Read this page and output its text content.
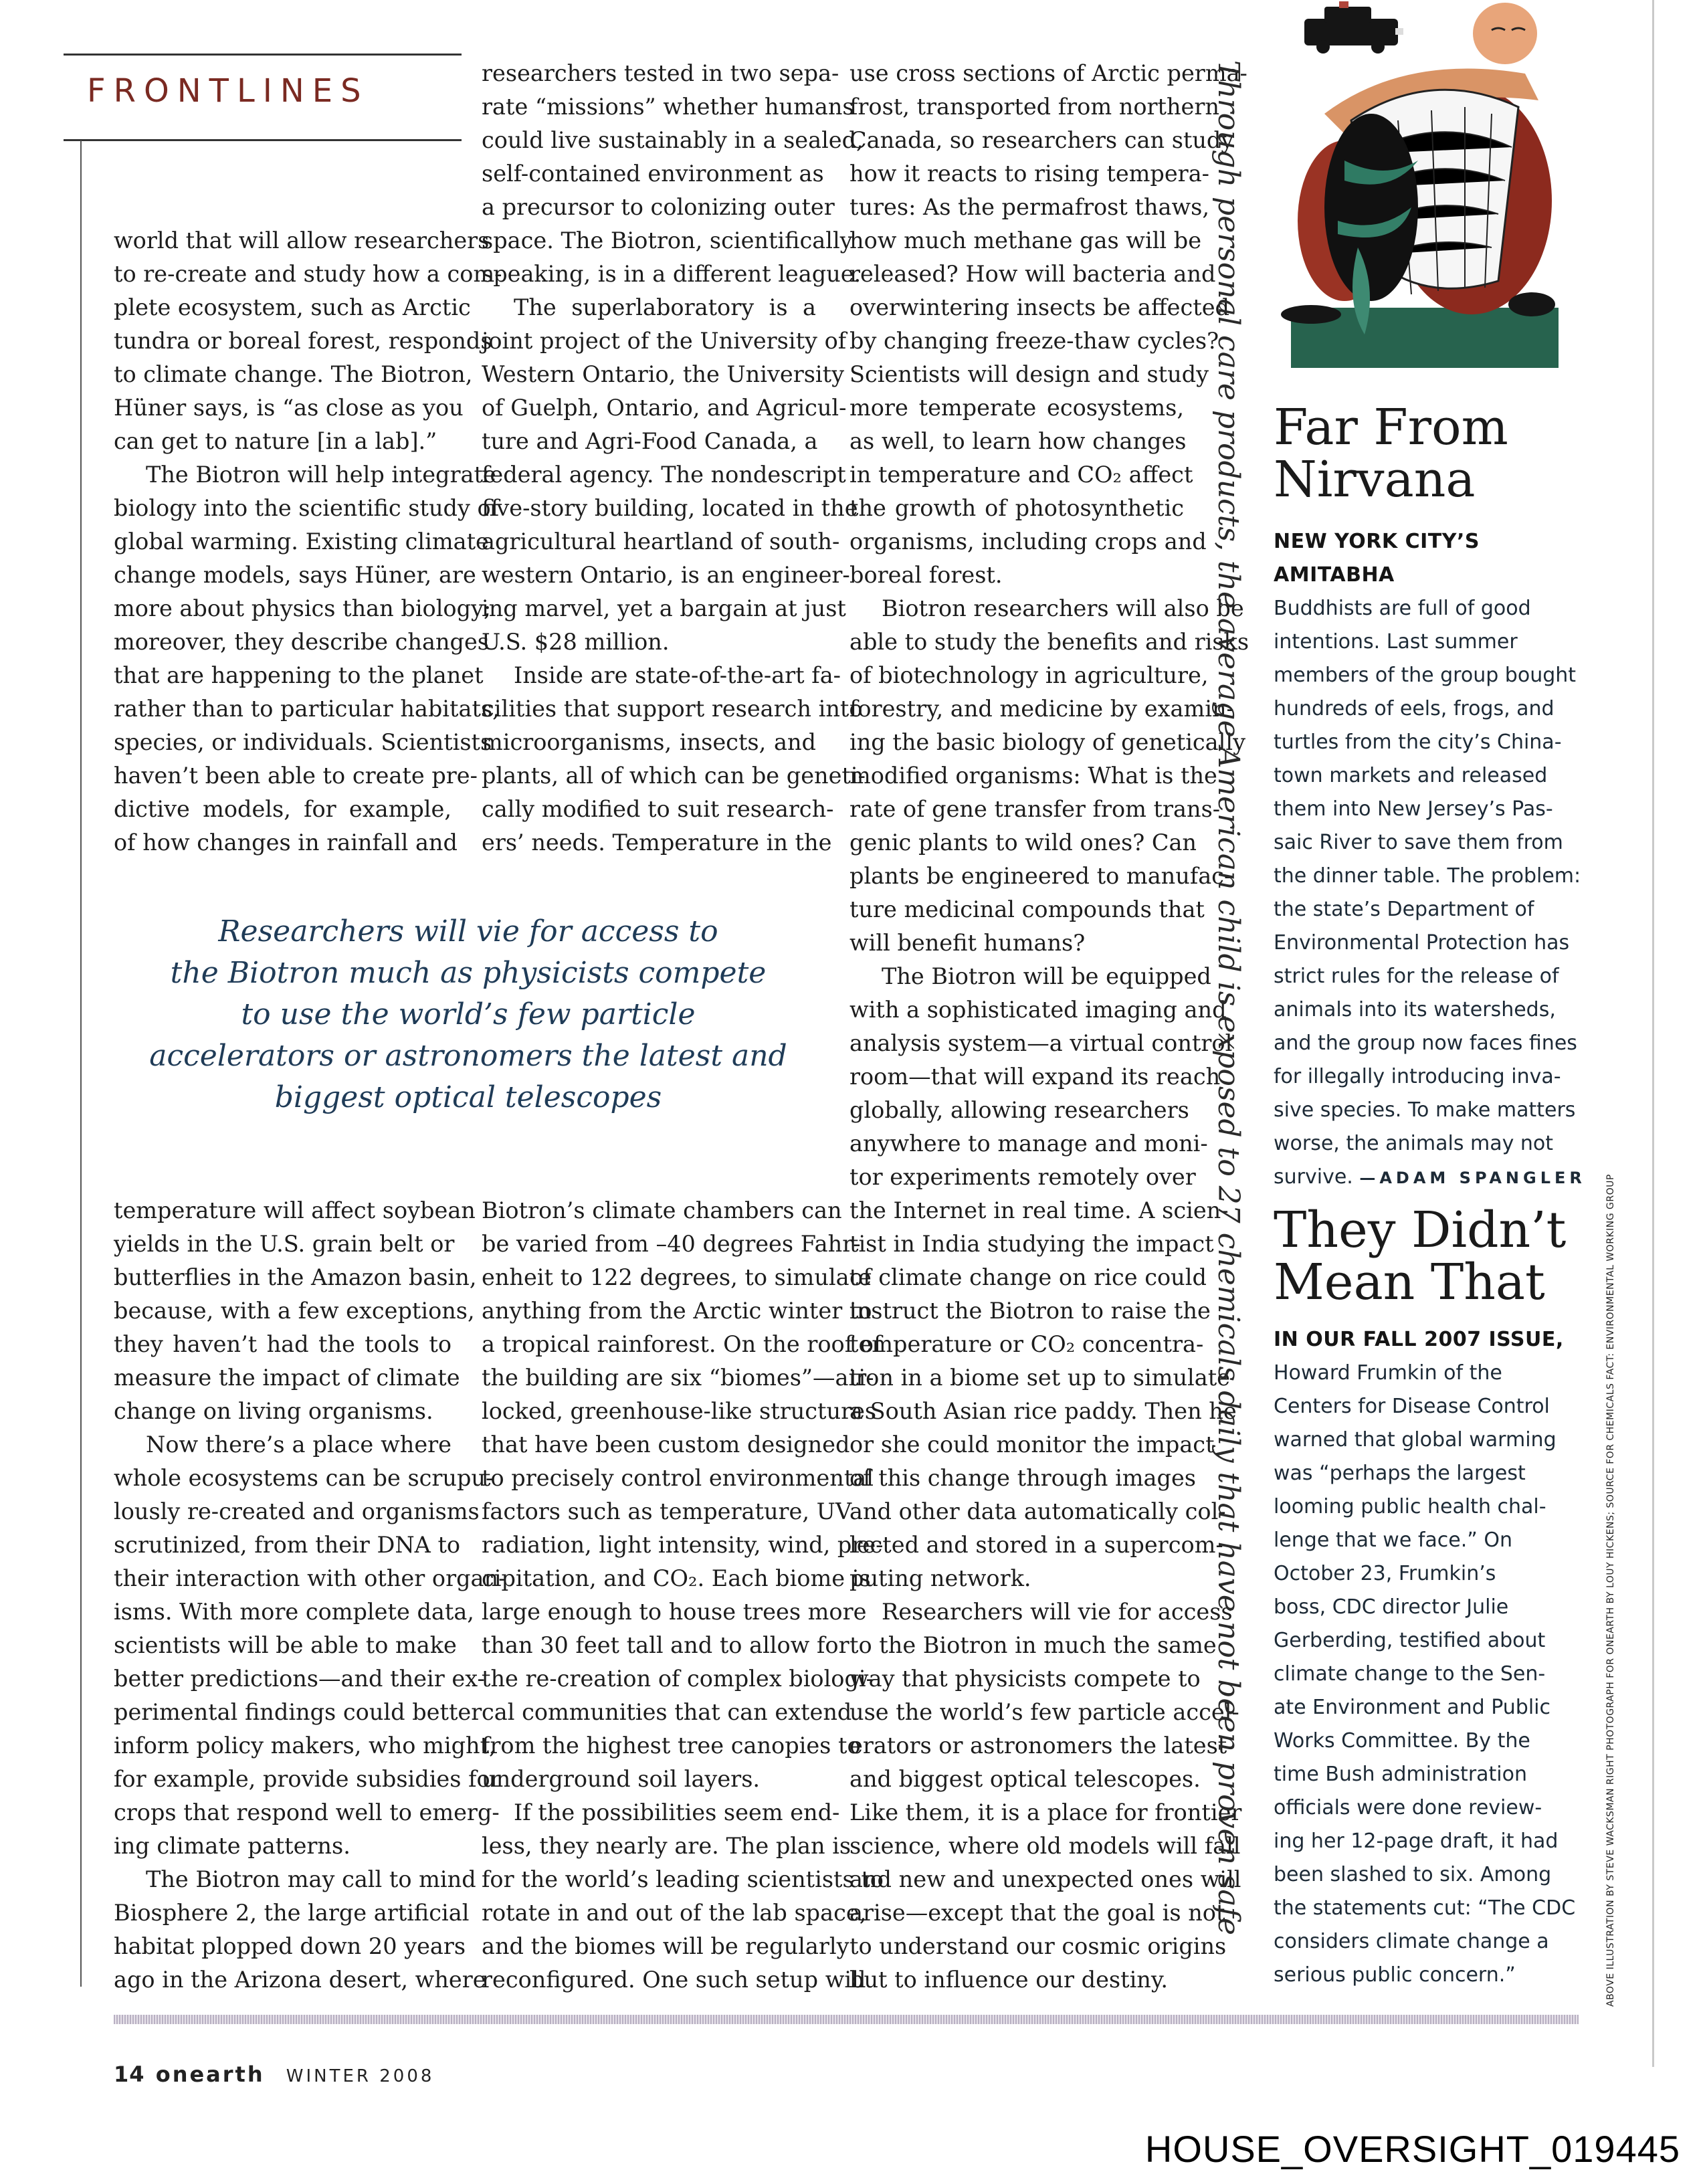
FRONTLINES
world that will allow researchers
to re-create and study how a com-
plete ecosystem, such as Arctic
tundra or boreal forest, responds
to climate change. The Biotron,
Hüner says, is “as close as you
can get to nature [in a lab].”
The Biotron will help integrate
biology into the scientific study of
global warming. Existing climate
change models, says Hüner, are
more about physics than biology;
moreover, they describe changes
that are happening to the planet
rather than to particular habitats,
species, or individuals. Scientists
haven’t been able to create pre-
dictive models, for example,
of how changes in rainfall and
researchers tested in two sepa-
rate “missions” whether humans
could live sustainably in a sealed,
self-contained environment as
a precursor to colonizing outer
space. The Biotron, scientifically
speaking, is in a different league.
The superlaboratory is a
joint project of the University of
Western Ontario, the University
of Guelph, Ontario, and Agricul-
ture and Agri-Food Canada, a
federal agency. The nondescript
five-story building, located in the
agricultural heartland of south-
western Ontario, is an engineer-
ing marvel, yet a bargain at just
U.S. $28 million.
Inside are state-of-the-art fa-
cilities that support research into
microorganisms, insects, and
plants, all of which can be geneti-
cally modified to suit research-
ers’ needs. Temperature in the
Researchers will vie for access to
the Biotron much as physicists compete
to use the world’s few particle
accelerators or astronomers the latest and
biggest optical telescopes
temperature will affect soybean
yields in the U.S. grain belt or
butterflies in the Amazon basin,
because, with a few exceptions,
they haven’t had the tools to
measure the impact of climate
change on living organisms.
Now there’s a place where
whole ecosystems can be scrupu-
lously re-created and organisms
scrutinized, from their DNA to
their interaction with other organ-
isms. With more complete data,
scientists will be able to make
better predictions—and their ex-
perimental findings could better
inform policy makers, who might,
for example, provide subsidies for
crops that respond well to emerg-
ing climate patterns.
The Biotron may call to mind
Biosphere 2, the large artificial
habitat plopped down 20 years
ago in the Arizona desert, where
Biotron’s climate chambers can
be varied from –40 degrees Fahr-
enheit to 122 degrees, to simulate
anything from the Arctic winter to
a tropical rainforest. On the roof of
the building are six “biomes”—air-
locked, greenhouse-like structures
that have been custom designed
to precisely control environmental
factors such as temperature, UV
radiation, light intensity, wind, pre-
cipitation, and CO₂. Each biome is
large enough to house trees more
than 30 feet tall and to allow for
the re-creation of complex biologi-
cal communities that can extend
from the highest tree canopies to
underground soil layers.
If the possibilities seem end-
less, they nearly are. The plan is
for the world’s leading scientists to
rotate in and out of the lab space,
and the biomes will be regularly
reconfigured. One such setup will
use cross sections of Arctic perma-
frost, transported from northern
Canada, so researchers can study
how it reacts to rising tempera-
tures: As the permafrost thaws,
how much methane gas will be
released? How will bacteria and
overwintering insects be affected
by changing freeze-thaw cycles?
Scientists will design and study
more temperate ecosystems,
as well, to learn how changes
in temperature and CO₂ affect
the growth of photosynthetic
organisms, including crops and
boreal forest.
Biotron researchers will also be
able to study the benefits and risks
of biotechnology in agriculture,
forestry, and medicine by examin-
ing the basic biology of genetically
modified organisms: What is the
rate of gene transfer from trans-
genic plants to wild ones? Can
plants be engineered to manufac-
ture medicinal compounds that
will benefit humans?
The Biotron will be equipped
with a sophisticated imaging and
analysis system—a virtual control
room—that will expand its reach
globally, allowing researchers
anywhere to manage and moni-
tor experiments remotely over
the Internet in real time. A scien-
tist in India studying the impact
of climate change on rice could
instruct the Biotron to raise the
temperature or CO₂ concentra-
tion in a biome set up to simulate
a South Asian rice paddy. Then he
or she could monitor the impact
of this change through images
and other data automatically col-
lected and stored in a supercom-
puting network.
Researchers will vie for access
to the Biotron in much the same
way that physicists compete to
use the world’s few particle accel-
erators or astronomers the latest
and biggest optical telescopes.
Like them, it is a place for frontier
science, where old models will fall
and new and unexpected ones will
arise—except that the goal is not
to understand our cosmic origins
but to influence our destiny.
Through personal care products, the average American child is exposed to 27 chemicals daily that have not been proven safe Far From
Nirvana
NEW YORK CITY’S AMITABHA
Buddhists are full of good
intentions. Last summer
members of the group bought
hundreds of eels, frogs, and
turtles from the city’s China-
town markets and released
them into New Jersey’s Pas-
saic River to save them from
the dinner table. The problem:
the state’s Department of
Environmental Protection has
strict rules for the release of
animals into its watersheds,
and the group now faces fines
for illegally introducing inva-
sive species. To make matters
worse, the animals may not
survive. —ADAM SPANGLER
They Didn’t
Mean That
IN OUR FALL 2007 ISSUE,
Howard Frumkin of the
Centers for Disease Control
warned that global warming
was “perhaps the largest
looming public health chal-
lenge that we face.” On
October 23, Frumkin’s
boss, CDC director Julie
Gerberding, testified about
climate change to the Sen-
ate Environment and Public
Works Committee. By the
time Bush administration
officials were done review-
ing her 12-page draft, it had
been slashed to six. Among
the statements cut: “The CDC
considers climate change a
serious public concern.”	ABOVE ILLUSTRATION BY STEVE WACKSMAN RIGHT PHOTOGRAPH FOR ONEARTH BY LOUY HICKENS; SOURCE FOR CHEMICALS FACT: ENVIRONMENTAL WORKING GROUP
14 onearth WINTER 2008
HOUSE_OVERSIGHT_019445
